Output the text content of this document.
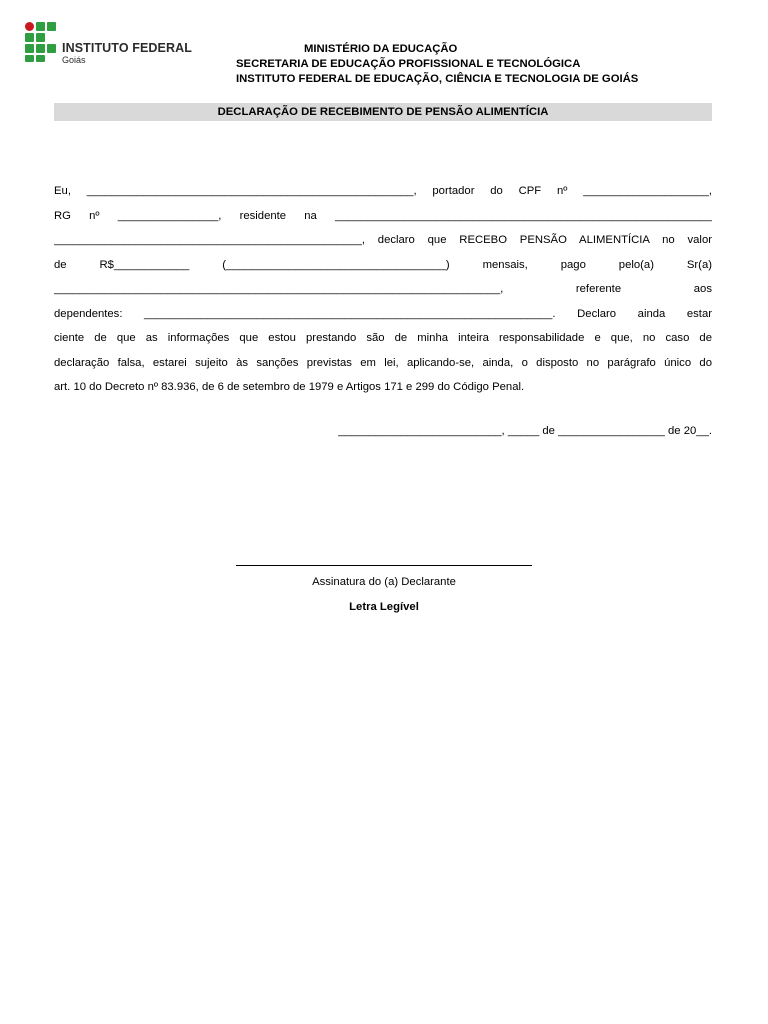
INSTITUTO FEDERAL
Goiás
MINISTÉRIO DA EDUCAÇÃO
SECRETARIA DE EDUCAÇÃO PROFISSIONAL E TECNOLÓGICA
INSTITUTO FEDERAL DE EDUCAÇÃO, CIÊNCIA E TECNOLOGIA DE GOIÁS
DECLARAÇÃO DE RECEBIMENTO DE PENSÃO ALIMENTÍCIA
Eu, ____________________________________________________, portador do CPF nº ____________________,
RG nº ________________, residente na ____________________________________________________________
_________________________________________________, declaro que RECEBO PENSÃO ALIMENTÍCIA no valor
de R$____________ (___________________________________) mensais, pago pelo(a) Sr(a)
_______________________________________________________________________, referente aos
dependentes: _________________________________________________________________. Declaro ainda estar
ciente de que as informações que estou prestando são de minha inteira responsabilidade e que, no caso de
declaração falsa, estarei sujeito às sanções previstas em lei, aplicando-se, ainda, o disposto no parágrafo único do
art. 10 do Decreto nº 83.936, de 6 de setembro de 1979 e Artigos 171 e 299 do Código Penal.
__________________________, _____ de _________________ de 20__.
Assinatura do (a) Declarante
Letra Legível
